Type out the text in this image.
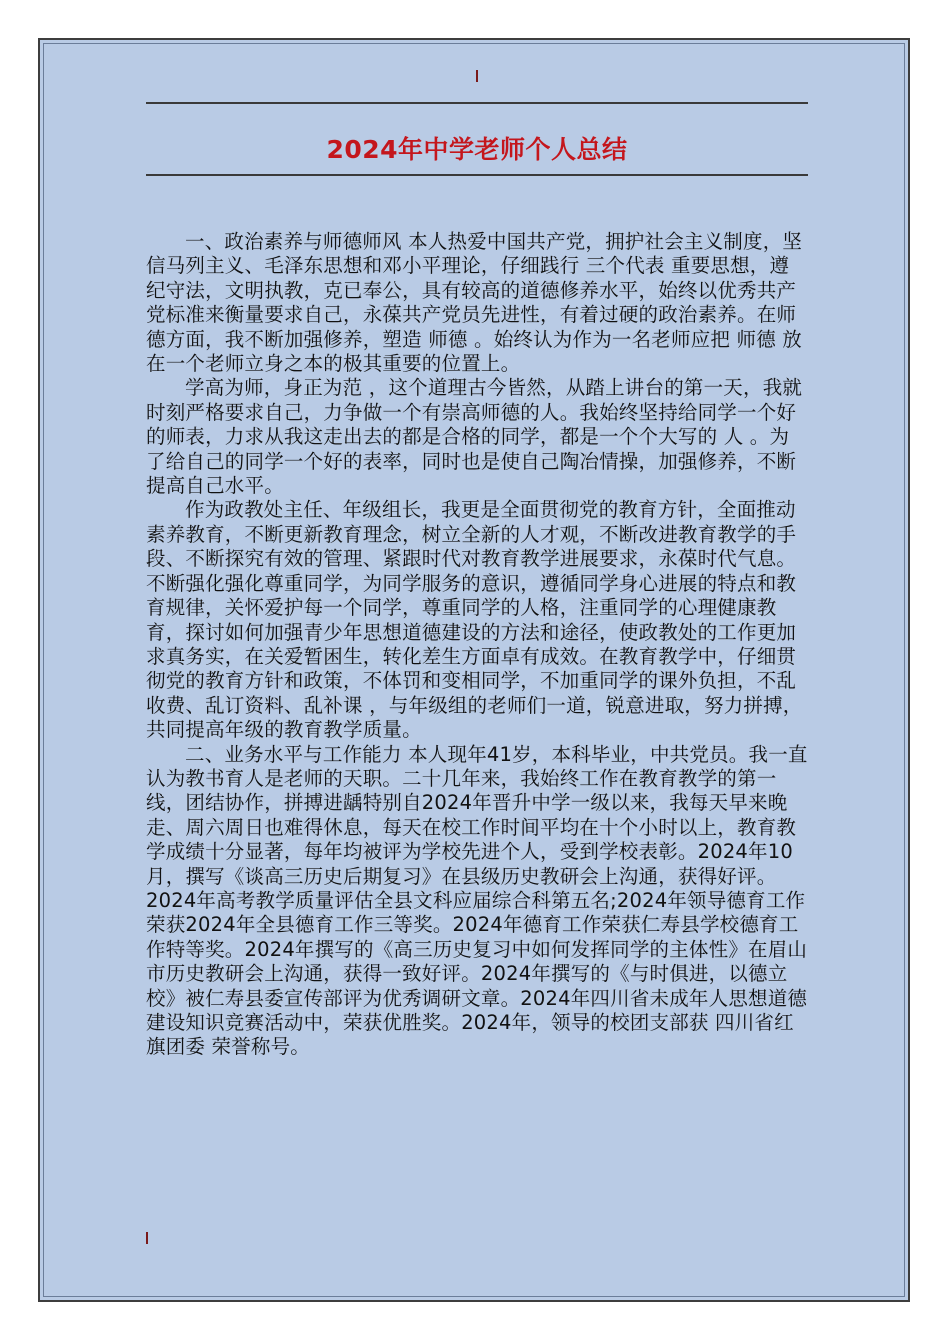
2024年中学老师个人总结

一、政治素养与师德师风 本人热爱中国共产党，拥护社会主义制度，坚信马列主义、毛泽东思想和邓小平理论，仔细践行 三个代表 重要思想，遵纪守法，文明执教，克已奉公，具有较高的道德修养水平，始终以优秀共产党标准来衡量要求自己，永葆共产党员先进性，有着过硬的政治素养。在师德方面，我不断加强修养，塑造 师德 。始终认为作为一名老师应把 师德 放在一个老师立身之本的极其重要的位置上。

学高为师，身正为范 ，这个道理古今皆然，从踏上讲台的第一天，我就时刻严格要求自己，力争做一个有崇高师德的人。我始终坚持给同学一个好的师表，力求从我这走出去的都是合格的同学，都是一个个大写的 人 。为了给自己的同学一个好的表率，同时也是使自己陶冶情操，加强修养，不断提高自己水平。

作为政教处主任、年级组长，我更是全面贯彻党的教育方针，全面推动素养教育，不断更新教育理念，树立全新的人才观，不断改进教育教学的手段、不断探究有效的管理、紧跟时代对教育教学进展要求，永葆时代气息。不断强化强化尊重同学，为同学服务的意识，遵循同学身心进展的特点和教育规律，关怀爱护每一个同学，尊重同学的人格，注重同学的心理健康教育，探讨如何加强青少年思想道德建设的方法和途径，使政教处的工作更加求真务实，在关爱暂困生，转化差生方面卓有成效。在教育教学中，仔细贯彻党的教育方针和政策，不体罚和变相同学，不加重同学的课外负担，不乱收费、乱订资料、乱补课 ，与年级组的老师们一道，锐意进取，努力拼搏，共同提高年级的教育教学质量。

二、业务水平与工作能力 本人现年41岁，本科毕业，中共党员。我一直认为教书育人是老师的天职。二十几年来，我始终工作在教育教学的第一线，团结协作，拼搏进龋特别自2024年晋升中学一级以来，我每天早来晚走、周六周日也难得休息，每天在校工作时间平均在十个小时以上，教育教学成绩十分显著，每年均被评为学校先进个人，受到学校表彰。2024年10月，撰写《谈高三历史后期复习》在县级历史教研会上沟通，获得好评。2024年高考教学质量评估全县文科应届综合科第五名;2024年领导德育工作荣获2024年全县德育工作三等奖。2024年德育工作荣获仁寿县学校德育工作特等奖。2024年撰写的《高三历史复习中如何发挥同学的主体性》在眉山市历史教研会上沟通，获得一致好评。2024年撰写的《与时俱进，以德立校》被仁寿县委宣传部评为优秀调研文章。2024年四川省未成年人思想道德建设知识竞赛活动中，荣获优胜奖。2024年，领导的校团支部获 四川省红旗团委 荣誉称号。
